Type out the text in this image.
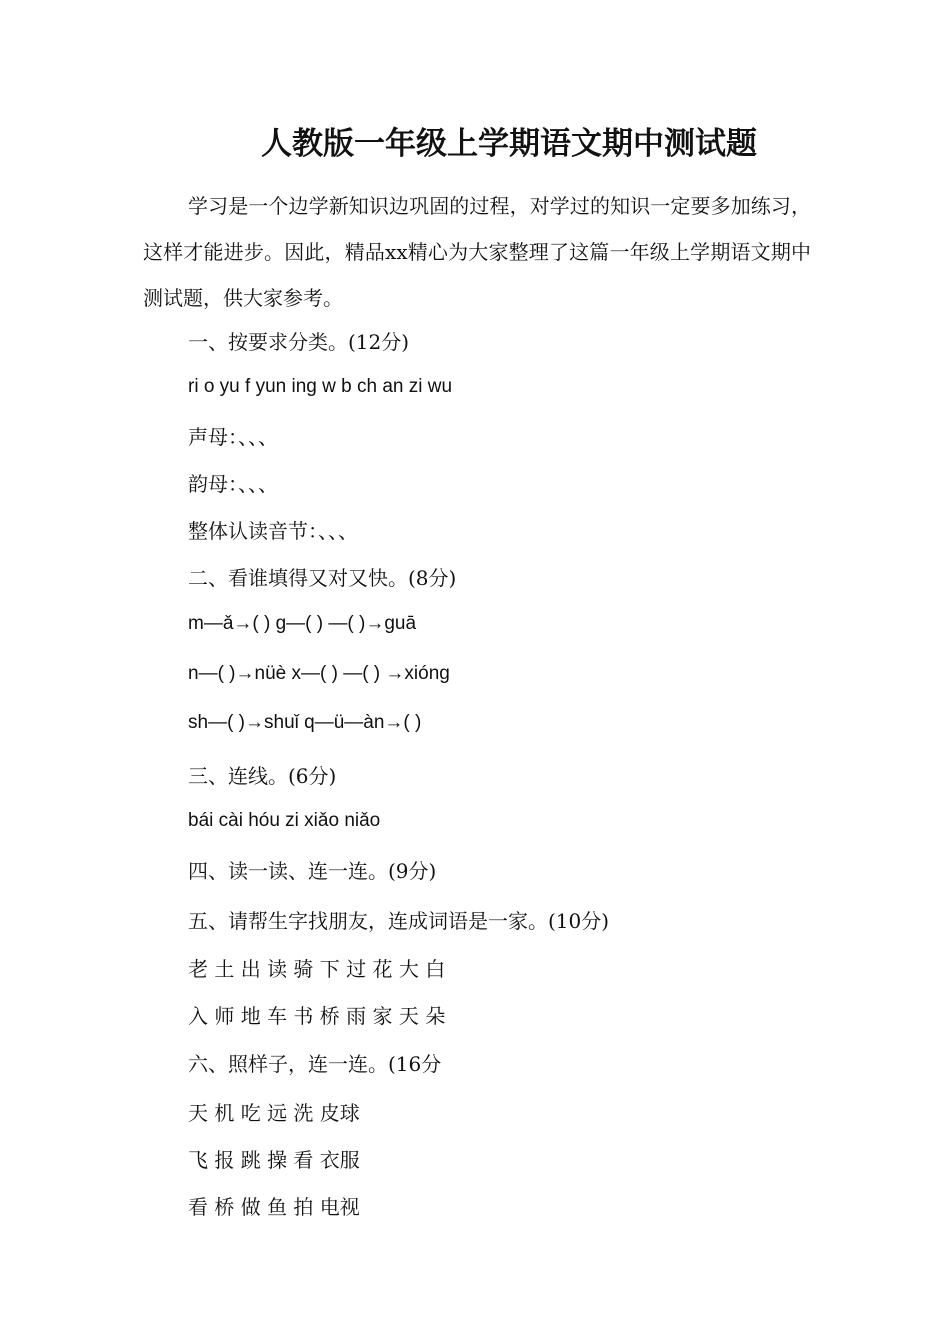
人教版一年级上学期语文期中测试题
学习是一个边学新知识边巩固的过程，对学过的知识一定要多加练习，这样才能进步。因此，精品xx精心为大家整理了这篇一年级上学期语文期中测试题，供大家参考。
一、按要求分类。(12分)
ri o yu f yun ing w b ch an zi wu
声母：、、、
韵母：、、、
整体认读音节：、、、
二、看谁填得又对又快。(8分)
m—ǎ→( ) g—( ) —( )→guā
n—( )→nüè x—( ) —( ) →xióng
sh—( )→shuǐ q—ü—àn→( )
三、连线。(6分)
bái cài hóu zi xiǎo niǎo
四、读一读、连一连。(9分)
五、请帮生字找朋友，连成词语是一家。(10分)
老 土 出 读 骑 下 过 花 大 白
入 师 地 车 书 桥 雨 家 天 朵
六、照样子，连一连。(16分
天 机 吃 远 洗 皮球
飞 报 跳 操 看 衣服
看 桥 做 鱼 拍 电视
